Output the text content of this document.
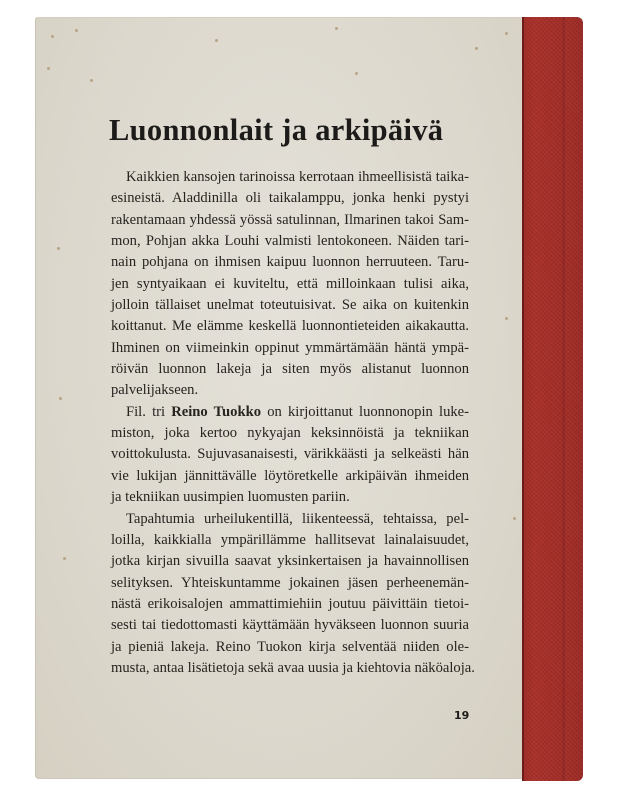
Luonnonlait ja arkipäivä
Kaikkien kansojen tarinoissa kerrotaan ihmeellisistä taika-
esineistä. Aladdinilla oli taikalamppu, jonka henki pystyi
rakentamaan yhdessä yössä satulinnan, Ilmarinen takoi Sam-
mon, Pohjan akka Louhi valmisti lentokoneen. Näiden tari-
nain pohjana on ihmisen kaipuu luonnon herruuteen. Taru-
jen syntyaikaan ei kuviteltu, että milloinkaan tulisi aika,
jolloin tällaiset unelmat toteutuisivat. Se aika on kuitenkin
koittanut. Me elämme keskellä luonnontieteiden aikakautta.
Ihminen on viimeinkin oppinut ymmärtämään häntä ympä-
röivän luonnon lakeja ja siten myös alistanut luonnon
palvelijakseen.
Fil. tri Reino Tuokko on kirjoittanut luonnonopin luke-
miston, joka kertoo nykyajan keksinnöistä ja tekniikan
voittokulusta. Sujuvasanaisesti, värikkäästi ja selkeästi hän
vie lukijan jännittävälle löytöretkelle arkipäivän ihmeiden
ja tekniikan uusimpien luomusten pariin.
Tapahtumia urheilukentillä, liikenteessä, tehtaissa, pel-
loilla, kaikkialla ympärillämme hallitsevat lainalaisuudet,
jotka kirjan sivuilla saavat yksinkertaisen ja havainnollisen
selityksen. Yhteiskuntamme jokainen jäsen perheenemän-
nästä erikoisalojen ammattimiehiin joutuu päivittäin tietoi-
sesti tai tiedottomasti käyttämään hyväkseen luonnon suuria
ja pieniä lakeja. Reino Tuokon kirja selventää niiden ole-
musta, antaa lisätietoja sekä avaa uusia ja kiehtovia näköaloja.
19
